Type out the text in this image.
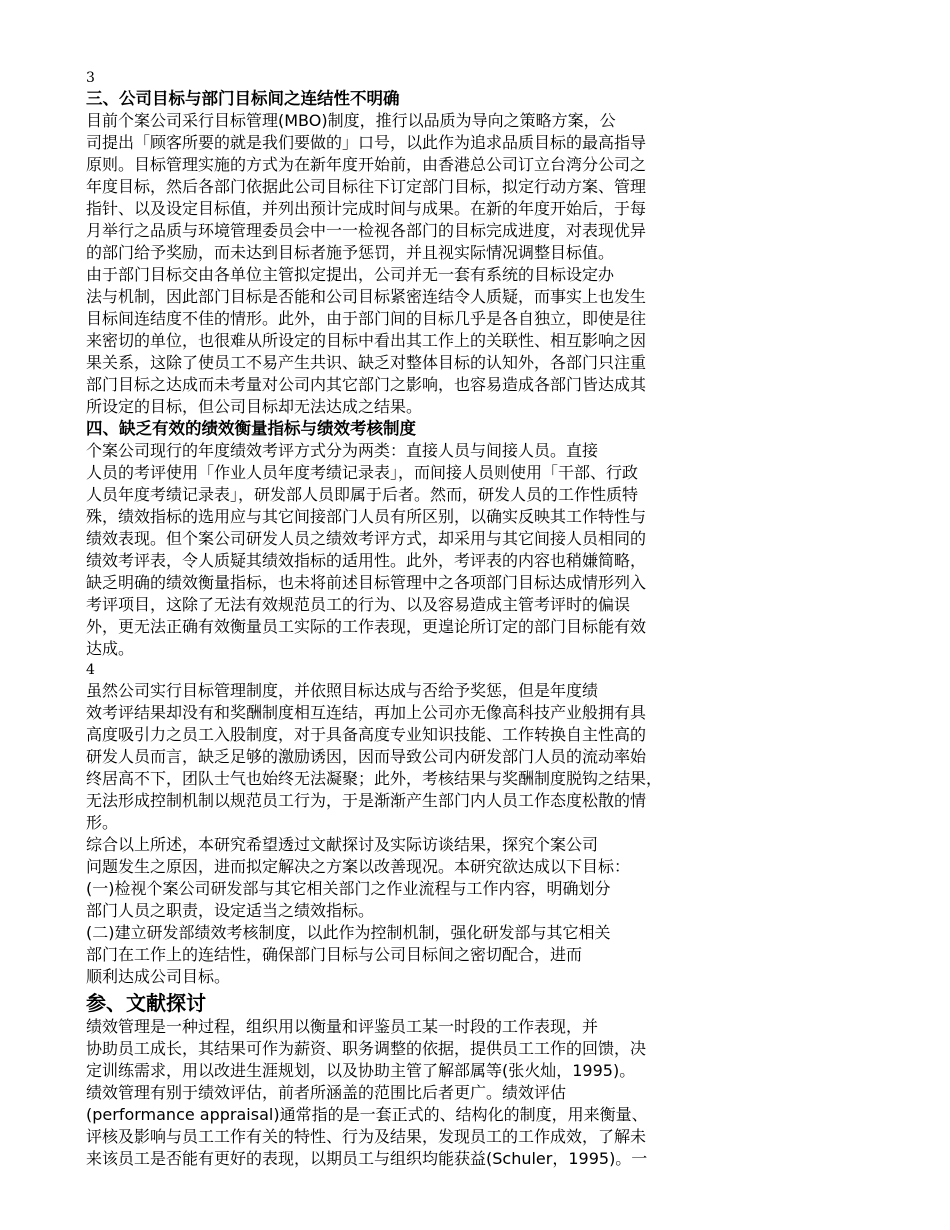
3
三、公司目标与部门目标间之连结性不明确
目前个案公司采行目标管理(MBO)制度，推行以品质为导向之策略方案，公
司提出「顾客所要的就是我们要做的」口号，以此作为追求品质目标的最高指导
原则。目标管理实施的方式为在新年度开始前，由香港总公司订立台湾分公司之
年度目标，然后各部门依据此公司目标往下订定部门目标，拟定行动方案、管理
指针、以及设定目标值，并列出预计完成时间与成果。在新的年度开始后，于每
月举行之品质与环境管理委员会中一一检视各部门的目标完成进度，对表现优异
的部门给予奖励，而未达到目标者施予惩罚，并且视实际情况调整目标值。
由于部门目标交由各单位主管拟定提出，公司并无一套有系统的目标设定办
法与机制，因此部门目标是否能和公司目标紧密连结令人质疑，而事实上也发生
目标间连结度不佳的情形。此外，由于部门间的目标几乎是各自独立，即使是往
来密切的单位，也很难从所设定的目标中看出其工作上的关联性、相互影响之因
果关系，这除了使员工不易产生共识、缺乏对整体目标的认知外，各部门只注重
部门目标之达成而未考量对公司内其它部门之影响，也容易造成各部门皆达成其
所设定的目标，但公司目标却无法达成之结果。
四、缺乏有效的绩效衡量指标与绩效考核制度
个案公司现行的年度绩效考评方式分为两类：直接人员与间接人员。直接
人员的考评使用「作业人员年度考绩记录表」，而间接人员则使用「干部、行政
人员年度考绩记录表」，研发部人员即属于后者。然而，研发人员的工作性质特
殊，绩效指标的选用应与其它间接部门人员有所区别，以确实反映其工作特性与
绩效表现。但个案公司研发人员之绩效考评方式，却采用与其它间接人员相同的
绩效考评表，令人质疑其绩效指标的适用性。此外，考评表的内容也稍嫌简略，
缺乏明确的绩效衡量指标，也未将前述目标管理中之各项部门目标达成情形列入
考评项目，这除了无法有效规范员工的行为、以及容易造成主管考评时的偏误
外，更无法正确有效衡量员工实际的工作表现，更遑论所订定的部门目标能有效
达成。
4
虽然公司实行目标管理制度，并依照目标达成与否给予奖惩，但是年度绩
效考评结果却没有和奖酬制度相互连结，再加上公司亦无像高科技产业般拥有具
高度吸引力之员工入股制度，对于具备高度专业知识技能、工作转换自主性高的
研发人员而言，缺乏足够的激励诱因，因而导致公司内研发部门人员的流动率始
终居高不下，团队士气也始终无法凝聚；此外，考核结果与奖酬制度脱钩之结果，
无法形成控制机制以规范员工行为，于是渐渐产生部门内人员工作态度松散的情
形。
综合以上所述，本研究希望透过文献探讨及实际访谈结果，探究个案公司
问题发生之原因，进而拟定解决之方案以改善现况。本研究欲达成以下目标：
(一)检视个案公司研发部与其它相关部门之作业流程与工作内容，明确划分
部门人员之职责，设定适当之绩效指标。
(二)建立研发部绩效考核制度，以此作为控制机制，强化研发部与其它相关
部门在工作上的连结性，确保部门目标与公司目标间之密切配合，进而
顺利达成公司目标。
参、文献探讨
绩效管理是一种过程，组织用以衡量和评鉴员工某一时段的工作表现，并
协助员工成长，其结果可作为薪资、职务调整的依据，提供员工工作的回馈，决
定训练需求，用以改进生涯规划，以及协助主管了解部属等(张火灿，1995)。
绩效管理有别于绩效评估，前者所涵盖的范围比后者更广。绩效评估
(performance appraisal)通常指的是一套正式的、结构化的制度，用来衡量、
评核及影响与员工工作有关的特性、行为及结果，发现员工的工作成效，了解未
来该员工是否能有更好的表现，以期员工与组织均能获益(Schuler，1995)。一
